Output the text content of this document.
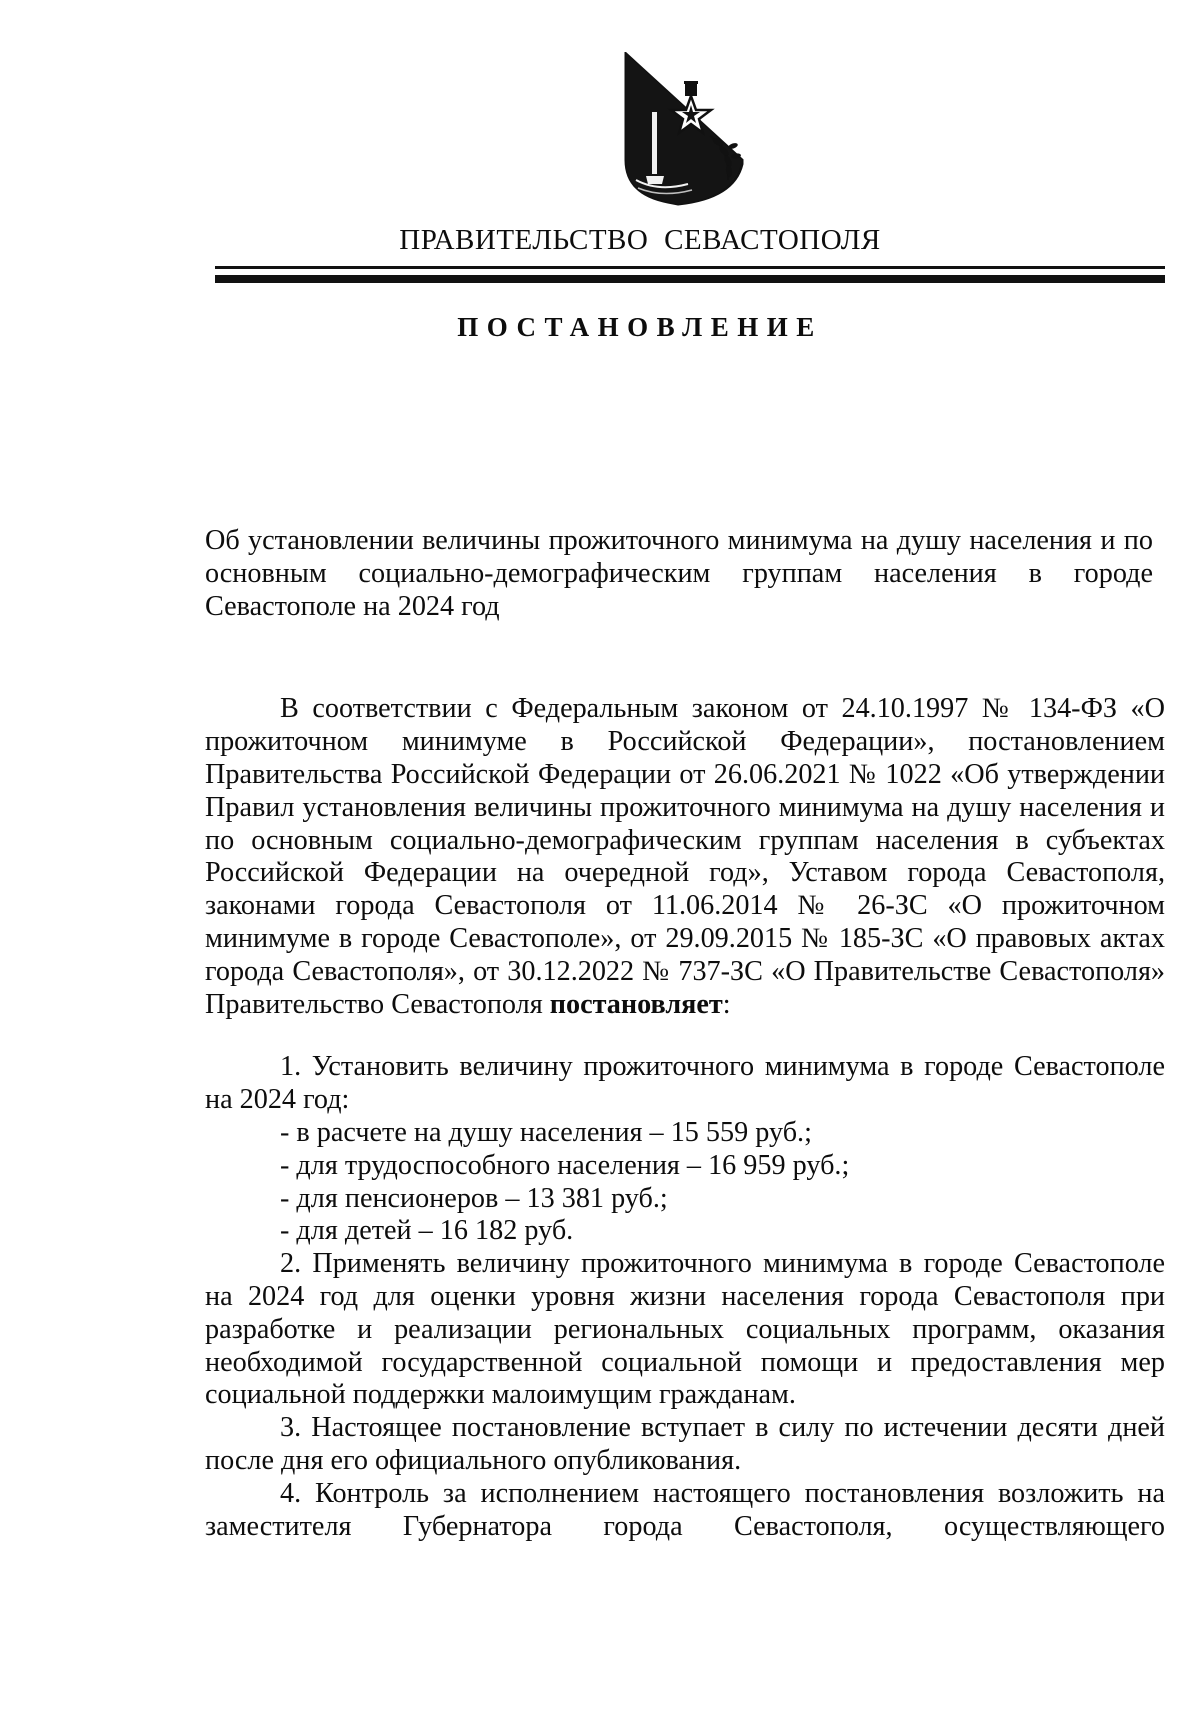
ПРАВИТЕЛЬСТВО СЕВАСТОПОЛЯ
ПОСТАНОВЛЕНИЕ

Об установлении величины прожиточного минимума на душу населения и по основным социально-демографическим группам населения в городе Севастополе на 2024 год

В соответствии с Федеральным законом от 24.10.1997 № 134-ФЗ «О прожиточном минимуме в Российской Федерации», постановлением Правительства Российской Федерации от 26.06.2021 № 1022 «Об утверждении Правил установления величины прожиточного минимума на душу населения и по основным социально-демографическим группам населения в субъектах Российской Федерации на очередной год», Уставом города Севастополя, законами города Севастополя от 11.06.2014 № 26-ЗС «О прожиточном минимуме в городе Севастополе», от 29.09.2015 № 185-ЗС «О правовых актах города Севастополя», от 30.12.2022 № 737-ЗС «О Правительстве Севастополя» Правительство Севастополя постановляет:

1. Установить величину прожиточного минимума в городе Севастополе на 2024 год:

- в расчете на душу населения – 15 559 руб.;

- для трудоспособного населения – 16 959 руб.;

- для пенсионеров – 13 381 руб.;

- для детей – 16 182 руб.

2. Применять величину прожиточного минимума в городе Севастополе на 2024 год для оценки уровня жизни населения города Севастополя при разработке и реализации региональных социальных программ, оказания необходимой государственной социальной помощи и предоставления мер социальной поддержки малоимущим гражданам.

3. Настоящее постановление вступает в силу по истечении десяти дней после дня его официального опубликования.

4. Контроль за исполнением настоящего постановления возложить на заместителя Губернатора города Севастополя, осуществляющего
